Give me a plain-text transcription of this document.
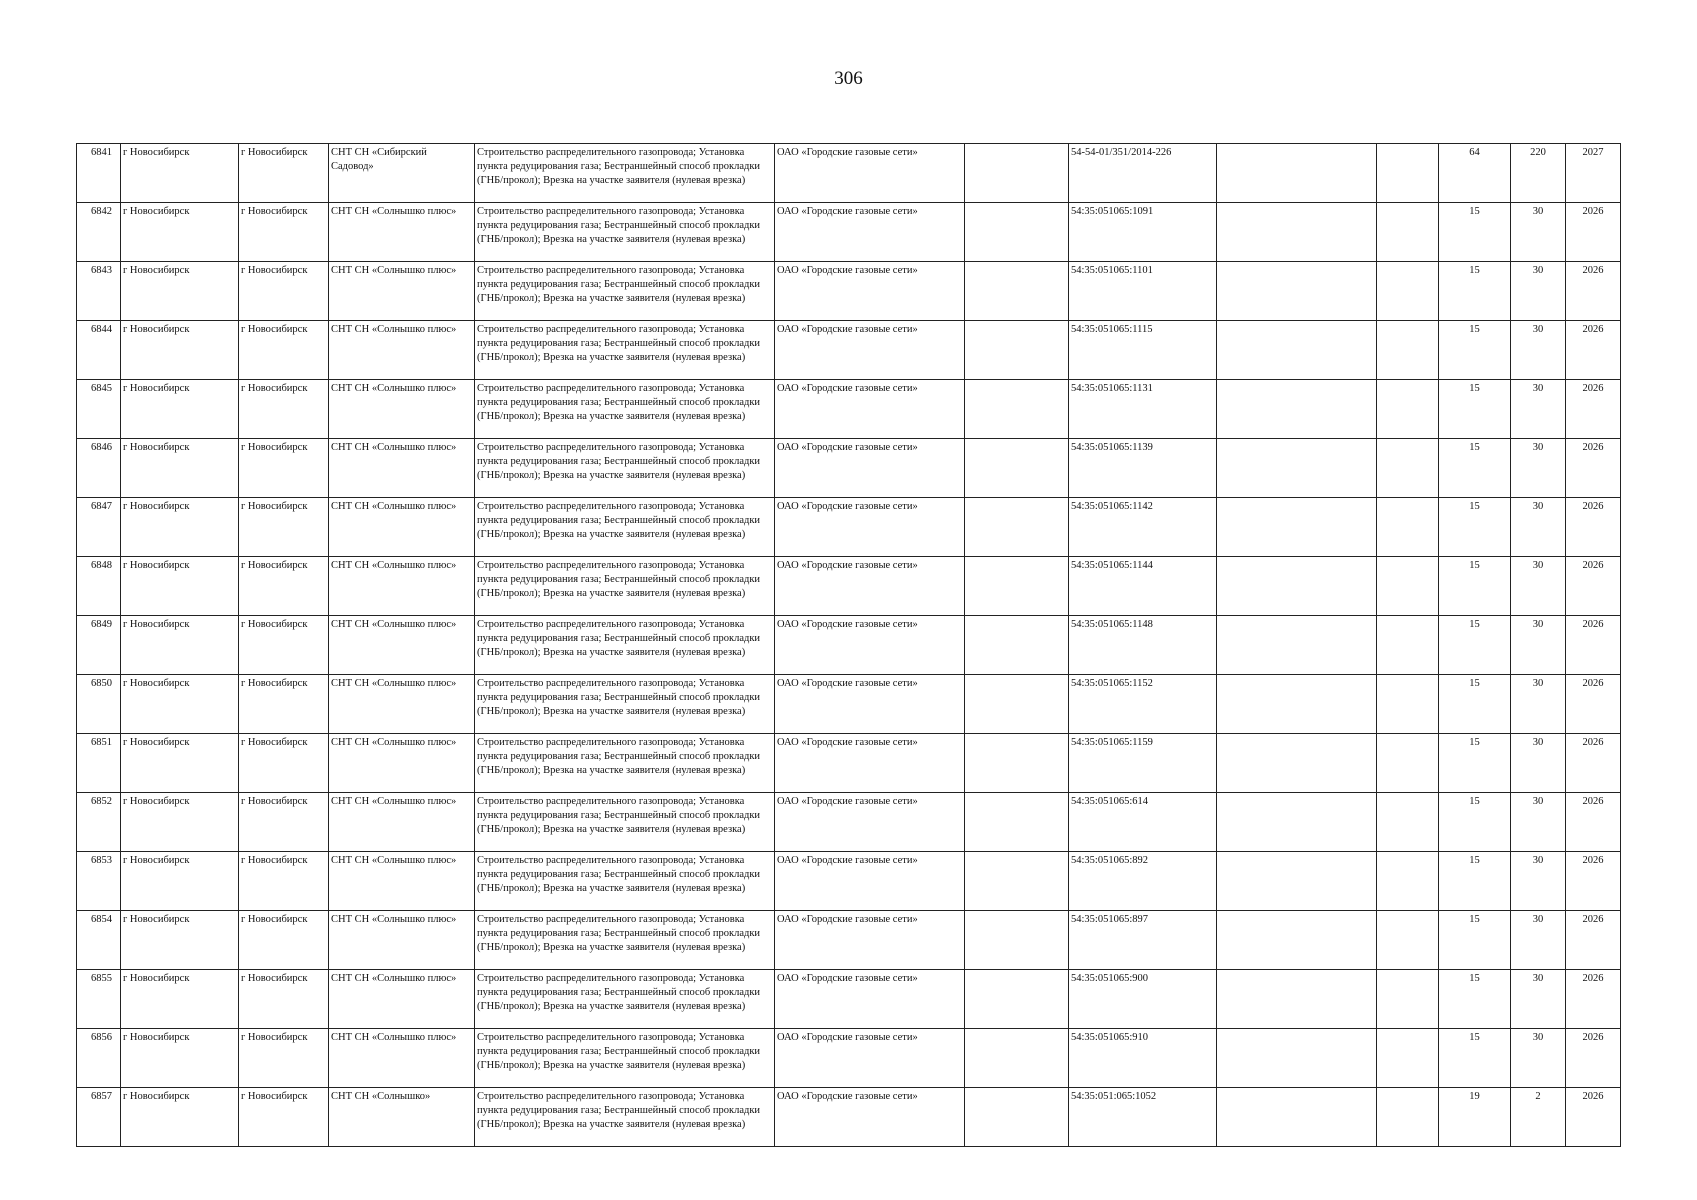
306
6841	г Новосибирск	г Новосибирск	СНТ СН «Сибирский Садовод»	Строительство распределительного газопровода; Установка пункта редуцирования газа; Бестраншейный способ прокладки (ГНБ/прокол); Врезка на участке заявителя (нулевая врезка)	ОАО «Городские газовые сети»		54-54-01/351/2014-226			64	220	2027	
6842	г Новосибирск	г Новосибирск	СНТ СН «Солнышко плюс»	Строительство распределительного газопровода; Установка пункта редуцирования газа; Бестраншейный способ прокладки (ГНБ/прокол); Врезка на участке заявителя (нулевая врезка)	ОАО «Городские газовые сети»		54:35:051065:1091			15	30	2026	
6843	г Новосибирск	г Новосибирск	СНТ СН «Солнышко плюс»	Строительство распределительного газопровода; Установка пункта редуцирования газа; Бестраншейный способ прокладки (ГНБ/прокол); Врезка на участке заявителя (нулевая врезка)	ОАО «Городские газовые сети»		54:35:051065:1101			15	30	2026	
6844	г Новосибирск	г Новосибирск	СНТ СН «Солнышко плюс»	Строительство распределительного газопровода; Установка пункта редуцирования газа; Бестраншейный способ прокладки (ГНБ/прокол); Врезка на участке заявителя (нулевая врезка)	ОАО «Городские газовые сети»		54:35:051065:1115			15	30	2026	
6845	г Новосибирск	г Новосибирск	СНТ СН «Солнышко плюс»	Строительство распределительного газопровода; Установка пункта редуцирования газа; Бестраншейный способ прокладки (ГНБ/прокол); Врезка на участке заявителя (нулевая врезка)	ОАО «Городские газовые сети»		54:35:051065:1131			15	30	2026	
6846	г Новосибирск	г Новосибирск	СНТ СН «Солнышко плюс»	Строительство распределительного газопровода; Установка пункта редуцирования газа; Бестраншейный способ прокладки (ГНБ/прокол); Врезка на участке заявителя (нулевая врезка)	ОАО «Городские газовые сети»		54:35:051065:1139			15	30	2026	
6847	г Новосибирск	г Новосибирск	СНТ СН «Солнышко плюс»	Строительство распределительного газопровода; Установка пункта редуцирования газа; Бестраншейный способ прокладки (ГНБ/прокол); Врезка на участке заявителя (нулевая врезка)	ОАО «Городские газовые сети»		54:35:051065:1142			15	30	2026	
6848	г Новосибирск	г Новосибирск	СНТ СН «Солнышко плюс»	Строительство распределительного газопровода; Установка пункта редуцирования газа; Бестраншейный способ прокладки (ГНБ/прокол); Врезка на участке заявителя (нулевая врезка)	ОАО «Городские газовые сети»		54:35:051065:1144			15	30	2026	
6849	г Новосибирск	г Новосибирск	СНТ СН «Солнышко плюс»	Строительство распределительного газопровода; Установка пункта редуцирования газа; Бестраншейный способ прокладки (ГНБ/прокол); Врезка на участке заявителя (нулевая врезка)	ОАО «Городские газовые сети»		54:35:051065:1148			15	30	2026	
6850	г Новосибирск	г Новосибирск	СНТ СН «Солнышко плюс»	Строительство распределительного газопровода; Установка пункта редуцирования газа; Бестраншейный способ прокладки (ГНБ/прокол); Врезка на участке заявителя (нулевая врезка)	ОАО «Городские газовые сети»		54:35:051065:1152			15	30	2026	
6851	г Новосибирск	г Новосибирск	СНТ СН «Солнышко плюс»	Строительство распределительного газопровода; Установка пункта редуцирования газа; Бестраншейный способ прокладки (ГНБ/прокол); Врезка на участке заявителя (нулевая врезка)	ОАО «Городские газовые сети»		54:35:051065:1159			15	30	2026	
6852	г Новосибирск	г Новосибирск	СНТ СН «Солнышко плюс»	Строительство распределительного газопровода; Установка пункта редуцирования газа; Бестраншейный способ прокладки (ГНБ/прокол); Врезка на участке заявителя (нулевая врезка)	ОАО «Городские газовые сети»		54:35:051065:614			15	30	2026	
6853	г Новосибирск	г Новосибирск	СНТ СН «Солнышко плюс»	Строительство распределительного газопровода; Установка пункта редуцирования газа; Бестраншейный способ прокладки (ГНБ/прокол); Врезка на участке заявителя (нулевая врезка)	ОАО «Городские газовые сети»		54:35:051065:892			15	30	2026	
6854	г Новосибирск	г Новосибирск	СНТ СН «Солнышко плюс»	Строительство распределительного газопровода; Установка пункта редуцирования газа; Бестраншейный способ прокладки (ГНБ/прокол); Врезка на участке заявителя (нулевая врезка)	ОАО «Городские газовые сети»		54:35:051065:897			15	30	2026	
6855	г Новосибирск	г Новосибирск	СНТ СН «Солнышко плюс»	Строительство распределительного газопровода; Установка пункта редуцирования газа; Бестраншейный способ прокладки (ГНБ/прокол); Врезка на участке заявителя (нулевая врезка)	ОАО «Городские газовые сети»		54:35:051065:900			15	30	2026	
6856	г Новосибирск	г Новосибирск	СНТ СН «Солнышко плюс»	Строительство распределительного газопровода; Установка пункта редуцирования газа; Бестраншейный способ прокладки (ГНБ/прокол); Врезка на участке заявителя (нулевая врезка)	ОАО «Городские газовые сети»		54:35:051065:910			15	30	2026	
6857	г Новосибирск	г Новосибирск	СНТ СН «Солнышко»	Строительство распределительного газопровода; Установка пункта редуцирования газа; Бестраншейный способ прокладки (ГНБ/прокол); Врезка на участке заявителя (нулевая врезка)	ОАО «Городские газовые сети»		54:35:051:065:1052			19	2	2026	
